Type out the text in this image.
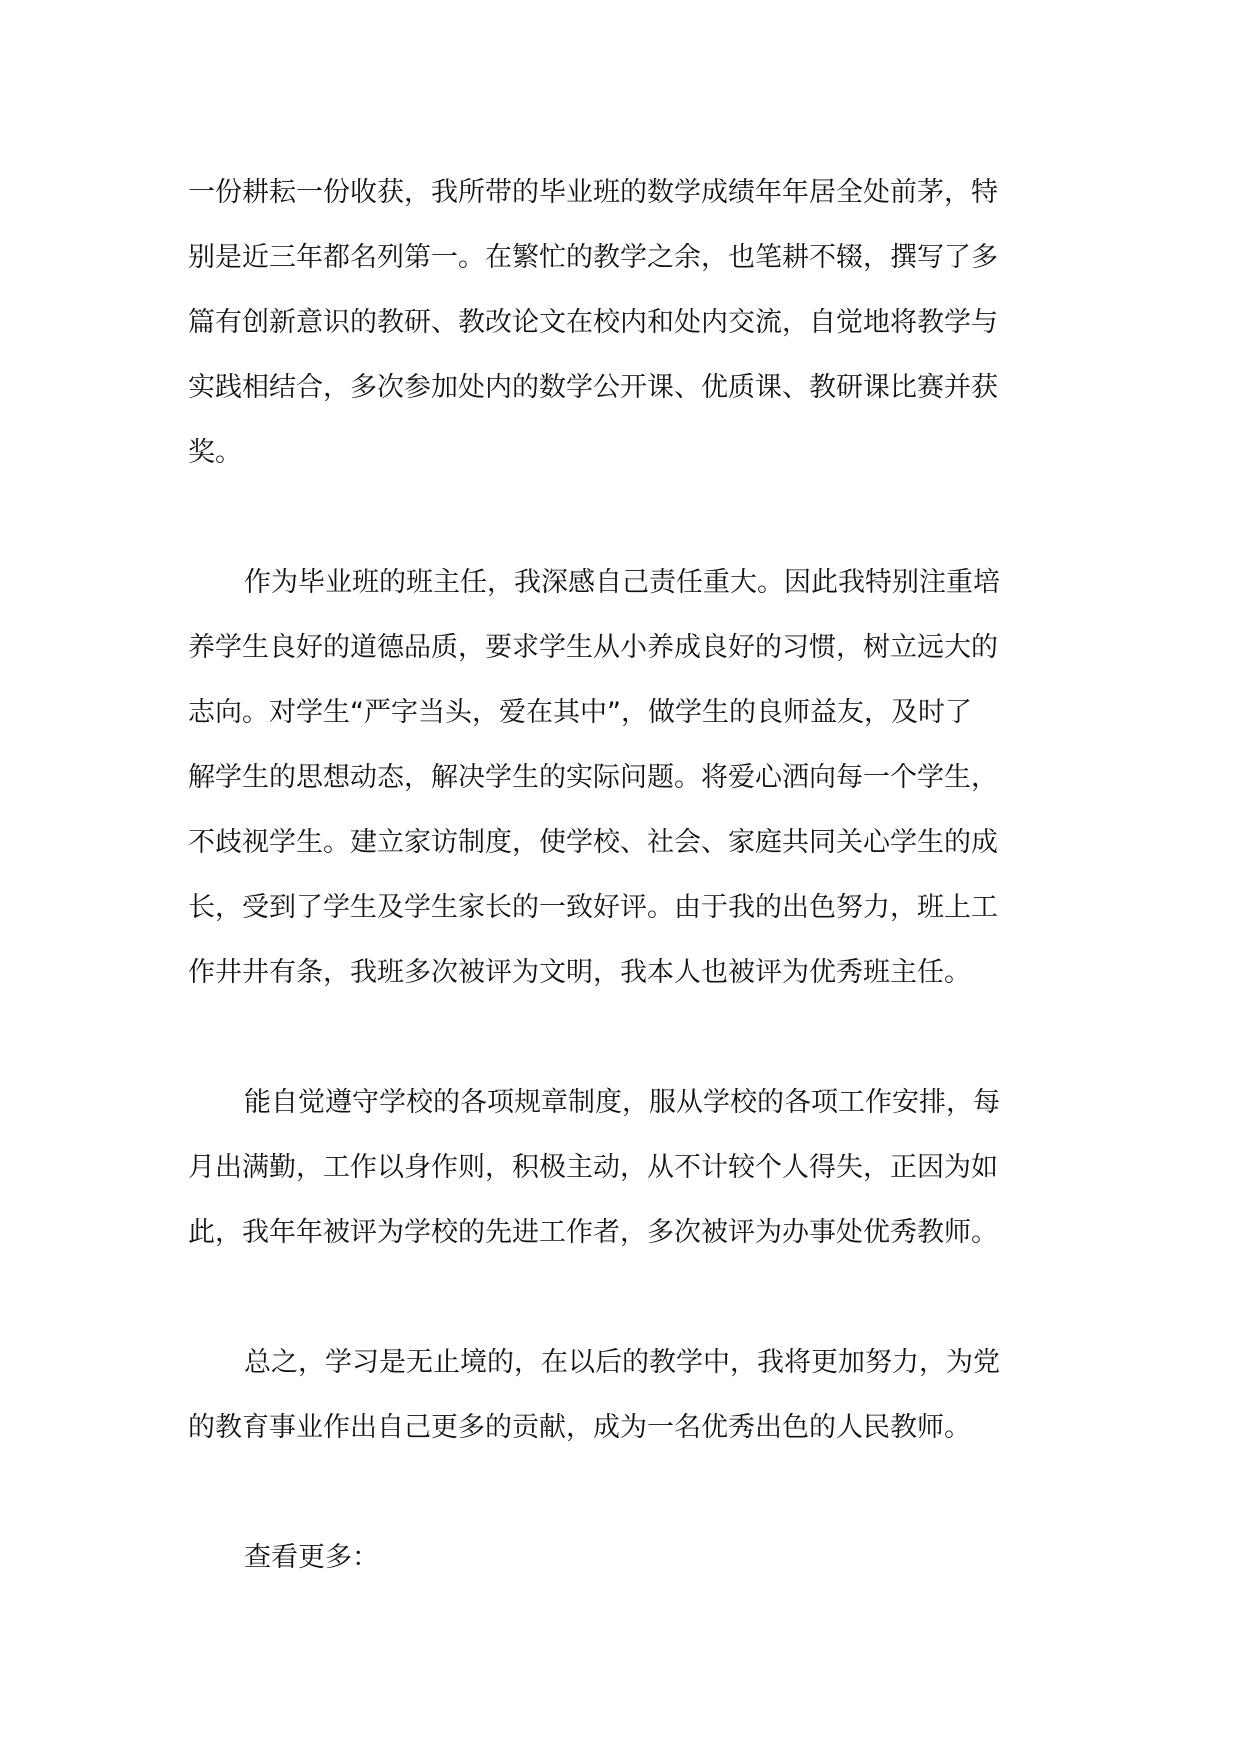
一份耕耘一份收获，我所带的毕业班的数学成绩年年居全处前茅，特
别是近三年都名列第一。在繁忙的教学之余，也笔耕不辍，撰写了多
篇有创新意识的教研、教改论文在校内和处内交流，自觉地将教学与
实践相结合，多次参加处内的数学公开课、优质课、教研课比赛并获
奖。

作为毕业班的班主任，我深感自己责任重大。因此我特别注重培
养学生良好的道德品质，要求学生从小养成良好的习惯，树立远大的
志向。对学生“严字当头，爱在其中”，做学生的良师益友，及时了
解学生的思想动态，解决学生的实际问题。将爱心洒向每一个学生，
不歧视学生。建立家访制度，使学校、社会、家庭共同关心学生的成
长，受到了学生及学生家长的一致好评。由于我的出色努力，班上工
作井井有条，我班多次被评为文明，我本人也被评为优秀班主任。

能自觉遵守学校的各项规章制度，服从学校的各项工作安排，每
月出满勤，工作以身作则，积极主动，从不计较个人得失，正因为如
此，我年年被评为学校的先进工作者，多次被评为办事处优秀教师。

总之，学习是无止境的，在以后的教学中，我将更加努力，为党
的教育事业作出自己更多的贡献，成为一名优秀出色的人民教师。

查看更多：
